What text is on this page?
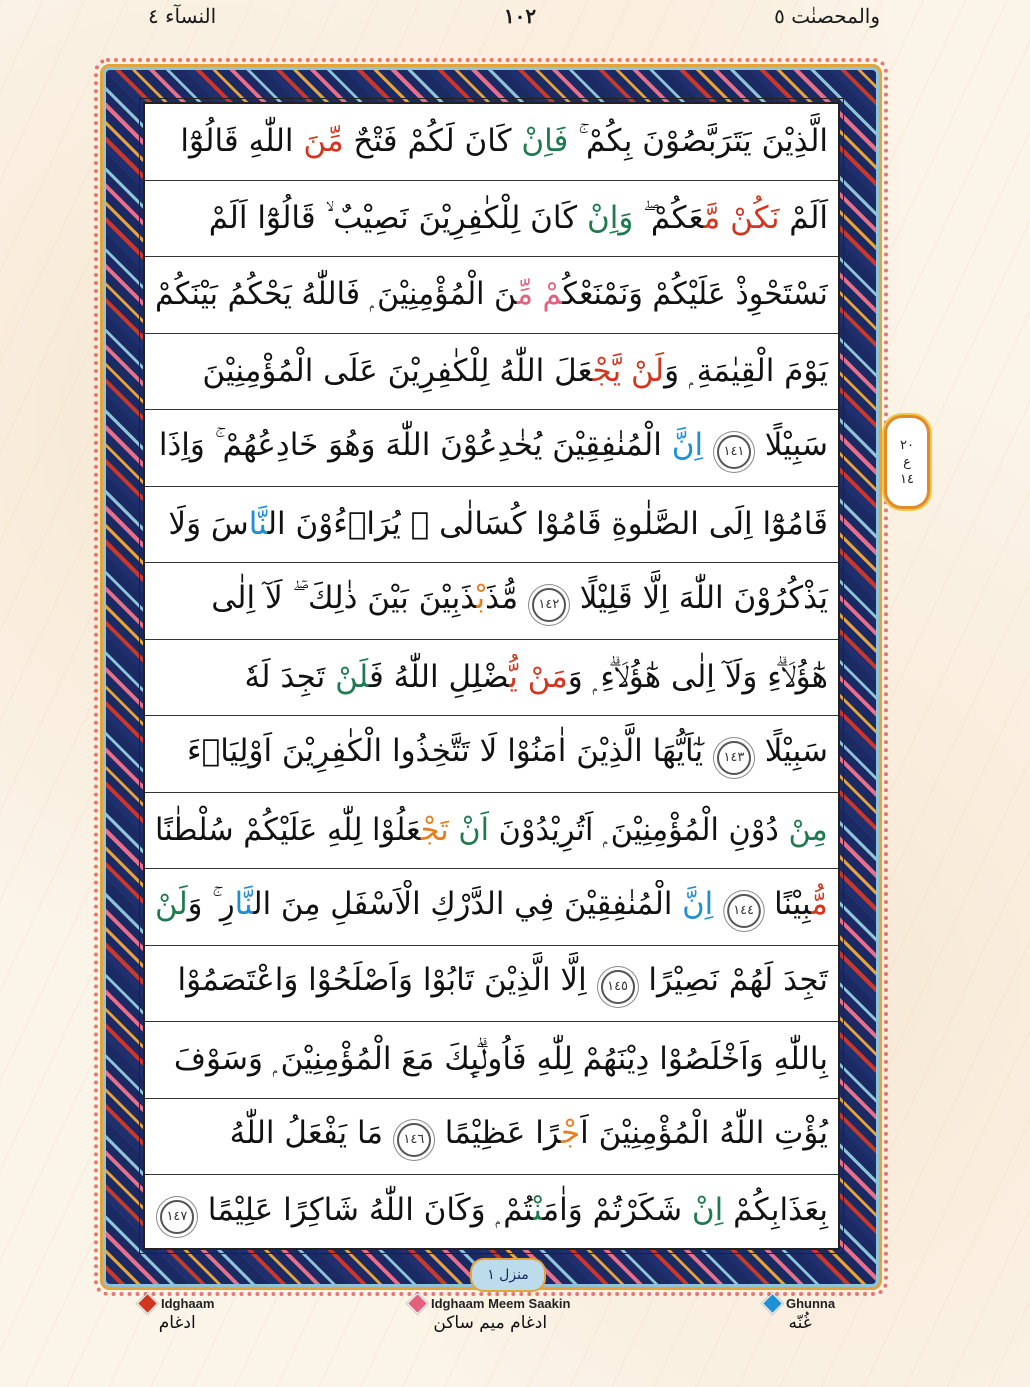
النسآء ٤	١٠٢	والمحصنٰت ٥
الَّذِيْنَ يَتَرَبَّصُوْنَ بِكُمْ ۚ فَاِنْ كَانَ لَكُمْ فَتْحٌ مِّنَ اللّٰهِ قَالُوْٓا
اَلَمْ نَكُنْ مَّعَكُمْ ۖ وَاِنْ كَانَ لِلْكٰفِرِيْنَ نَصِيْبٌ ۙ قَالُوْٓا اَلَمْ
نَسْتَحْوِذْ عَلَيْكُمْ وَنَمْنَعْكُمْ مِّنَ الْمُؤْمِنِيْنَ ۭ فَاللّٰهُ يَحْكُمُ بَيْنَكُمْ
يَوْمَ الْقِيٰمَةِ ۭ وَلَنْ يَّجْعَلَ اللّٰهُ لِلْكٰفِرِيْنَ عَلَى الْمُؤْمِنِيْنَ
سَبِيْلًا ١٤١ اِنَّ الْمُنٰفِقِيْنَ يُخٰدِعُوْنَ اللّٰهَ وَهُوَ خَادِعُهُمْ ۚ وَاِذَا
قَامُوْٓا اِلَى الصَّلٰوةِ قَامُوْا كُسَالٰى ۙ يُرَاۗءُوْنَ النَّاسَ وَلَا
يَذْكُرُوْنَ اللّٰهَ اِلَّا قَلِيْلًا ١٤٢ مُّذَبْذَبِيْنَ بَيْنَ ذٰلِكَ ۤ ۖ لَآ اِلٰى
هٰٓؤُلَاۗءِ وَلَآ اِلٰى هٰٓؤُلَاۗءِ ۭ وَمَنْ يُّضْلِلِ اللّٰهُ فَلَنْ تَجِدَ لَهٗ
سَبِيْلًا ١٤٣ يٰٓاَيُّهَا الَّذِيْنَ اٰمَنُوْا لَا تَتَّخِذُوا الْكٰفِرِيْنَ اَوْلِيَاۗءَ
مِنْ دُوْنِ الْمُؤْمِنِيْنَ ۭ اَتُرِيْدُوْنَ اَنْ تَجْعَلُوْا لِلّٰهِ عَلَيْكُمْ سُلْطٰنًا
مُّبِيْنًا ١٤٤ اِنَّ الْمُنٰفِقِيْنَ فِي الدَّرْكِ الْاَسْفَلِ مِنَ النَّارِ ۚ وَلَنْ
تَجِدَ لَهُمْ نَصِيْرًا ١٤٥ اِلَّا الَّذِيْنَ تَابُوْا وَاَصْلَحُوْا وَاعْتَصَمُوْا
بِاللّٰهِ وَاَخْلَصُوْا دِيْنَهُمْ لِلّٰهِ فَاُولٰۗىِٕكَ مَعَ الْمُؤْمِنِيْنَ ۭ وَسَوْفَ
يُؤْتِ اللّٰهُ الْمُؤْمِنِيْنَ اَجْرًا عَظِيْمًا ١٤٦ مَا يَفْعَلُ اللّٰهُ
بِعَذَابِكُمْ اِنْ شَكَرْتُمْ وَاٰمَنْتُمْ ۭ وَكَانَ اللّٰهُ شَاكِرًا عَلِيْمًا ١٤٧
منزل ١
٢٠
ع
١٤
Idghaam
ادغام
Idghaam Meem Saakin
ادغام میم ساکن
Ghunna
غُنّه
